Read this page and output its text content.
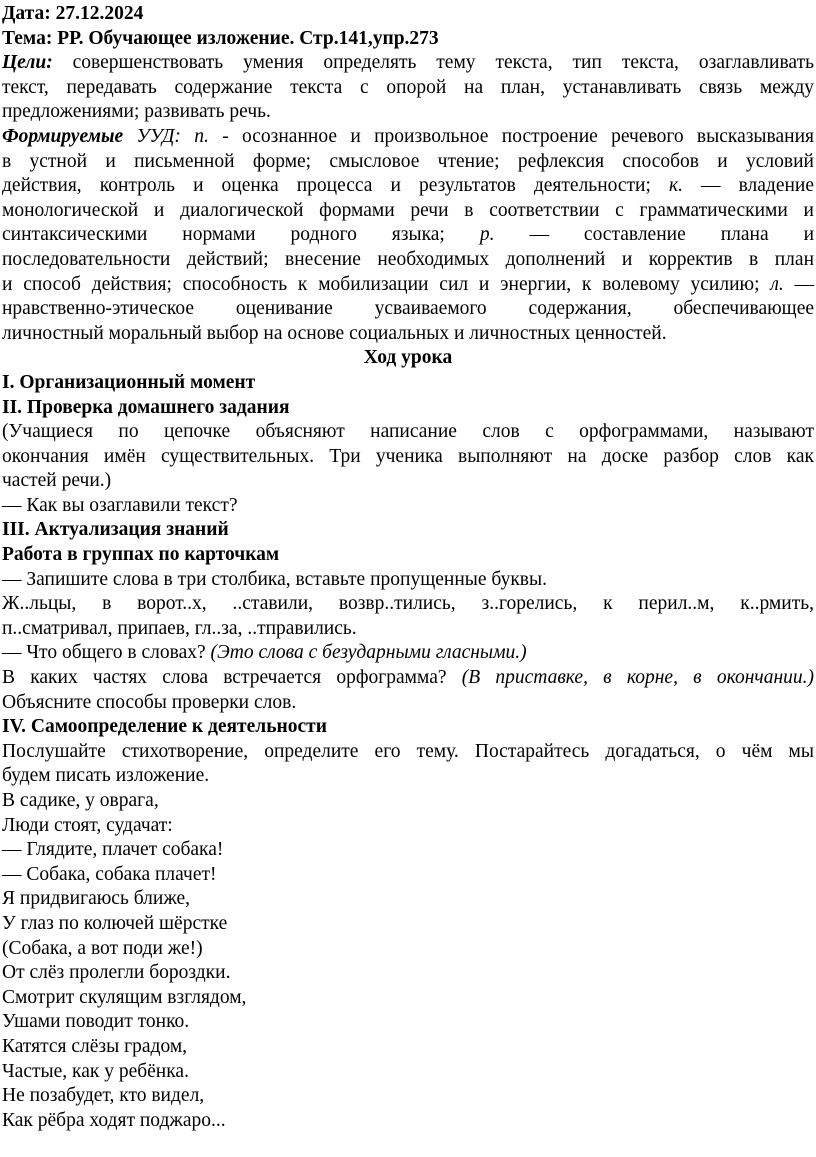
Дата: 27.12.2024
Тема: РР. Обучающее изложение. Стр.141,упр.273
Цели: совершенствовать умения определять тему текста, тип текста, озаглавливать
текст, передавать содержание текста с опорой на план, устанавливать связь между
предложениями; развивать речь.
Формируемые УУД: п. - осознанное и произвольное построение речевого высказывания
в устной и письменной форме; смысловое чтение; рефлексия способов и условий
действия, контроль и оценка процесса и результатов деятельности; к. — владение
монологической и диалогической формами речи в соответствии с грамматическими и
синтаксическими нормами родного языка; р. — составление плана и
последовательности действий; внесение необходимых дополнений и корректив в план
и способ действия; способность к мобилизации сил и энергии, к волевому усилию; л. —
нравственно-этическое оценивание усваиваемого содержания, обеспечивающее
личностный моральный выбор на основе социальных и личностных ценностей.
Ход урока
I. Организационный момент
II. Проверка домашнего задания
(Учащиеся по цепочке объясняют написание слов с орфограммами, называют
окончания имён существительных. Три ученика выполняют на доске разбор слов как
частей речи.)
— Как вы озаглавили текст?
III. Актуализация знаний
Работа в группах по карточкам
— Запишите слова в три столбика, вставьте пропущенные буквы.
Ж..льцы, в ворот..х, ..ставили, возвр..тились, з..горелись, к перил..м, к..рмить,
п..сматривал, припаев, гл..за, ..тправились.
— Что общего в словах? (Это слова с безударными гласными.)
В каких частях слова встречается орфограмма? (В приставке, в корне, в окончании.)
Объясните способы проверки слов.
IV. Самоопределение к деятельности
Послушайте стихотворение, определите его тему. Постарайтесь догадаться, о чём мы
будем писать изложение.
В садике, у оврага,
Люди стоят, судачат:
— Глядите, плачет собака!
— Собака, собака плачет!
Я придвигаюсь ближе,
У глаз по колючей шёрстке
(Собака, а вот поди же!)
От слёз пролегли бороздки.
Смотрит скулящим взглядом,
Ушами поводит тонко.
Катятся слёзы градом,
Частые, как у ребёнка.
Не позабудет, кто видел,
Как рёбра ходят поджаро...
